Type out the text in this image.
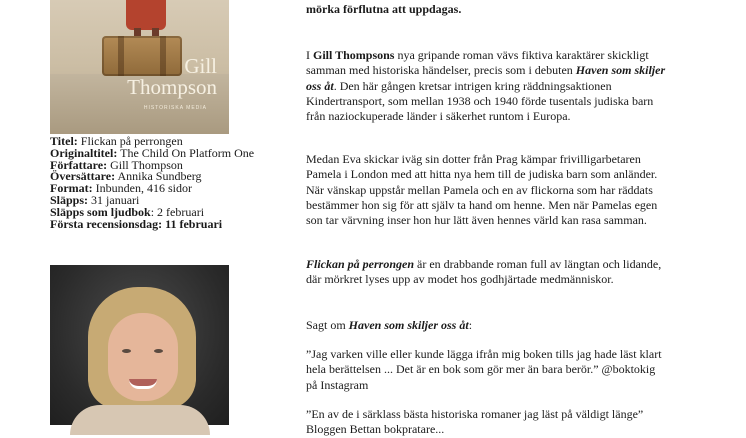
Gill
Thompson
HISTORISKA MEDIA
Titel: Flickan på perrongen
Originaltitel: The Child On Platform One
Författare: Gill Thompson
Översättare: Annika Sundberg
Format: Inbunden, 416 sidor
Släpps: 31 januari
Släpps som ljudbok: 2 februari
Första recensionsdag: 11 februari

mörka förflutna att uppdagas.

I Gill Thompsons nya gripande roman vävs fiktiva karaktärer skickligt samman med historiska händelser, precis som i debuten Haven som skiljer oss åt. Den här gången kretsar intrigen kring räddningsaktionen Kindertransport, som mellan 1938 och 1940 förde tusentals judiska barn från naziockuperade länder i säkerhet runtom i Europa.

Medan Eva skickar iväg sin dotter från Prag kämpar frivilligarbetaren Pamela i London med att hitta nya hem till de judiska barn som anländer. När vänskap uppstår mellan Pamela och en av flickorna som har räddats bestämmer hon sig för att själv ta hand om henne. Men när Pamelas egen son tar värvning inser hon hur lätt även hennes värld kan rasa samman.

Flickan på perrongen är en drabbande roman full av längtan och lidande, där mörkret lyses upp av modet hos godhjärtade medmänniskor.

Sagt om Haven som skiljer oss åt:

”Jag varken ville eller kunde lägga ifrån mig boken tills jag hade läst klart hela berättelsen ... Det är en bok som gör mer än bara berör.” @boktokig på Instagram

”En av de i särklass bästa historiska romaner jag läst på väldigt länge” Bloggen Bettan bokpratare...
